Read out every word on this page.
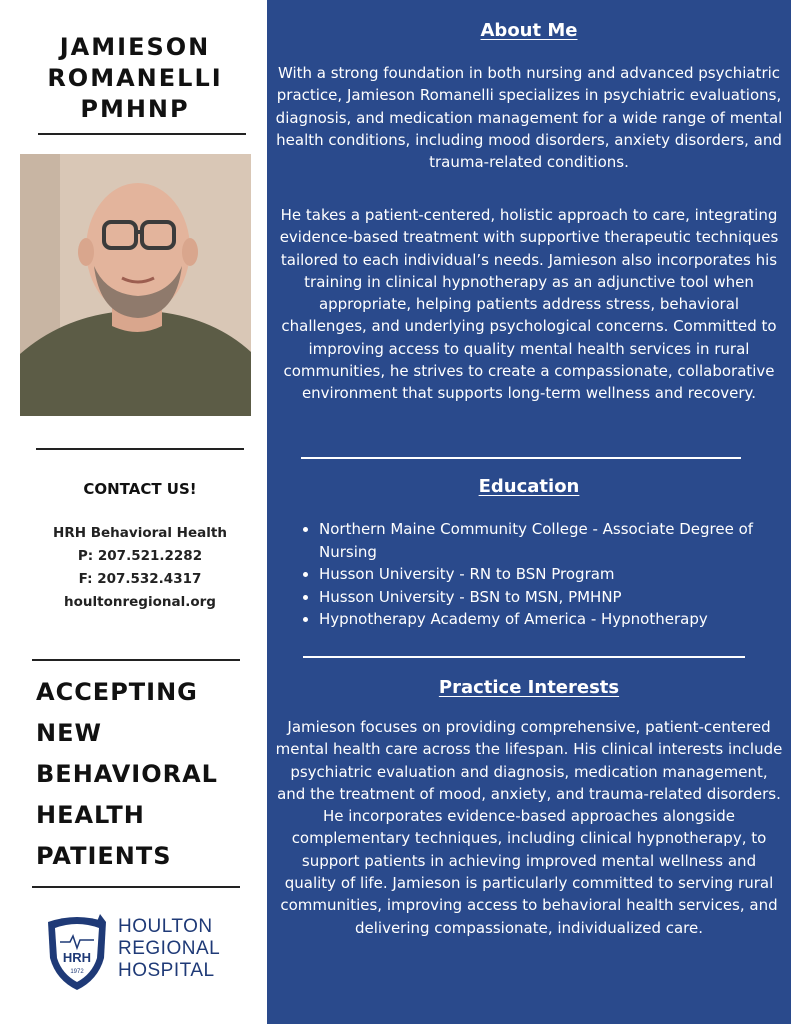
JAMIESON
ROMANELLI
PMHNP
CONTACT US!
HRH Behavioral Health
P: 207.521.2282
F: 207.532.4317
houltonregional.org
ACCEPTING
NEW
BEHAVIORAL
HEALTH
PATIENTS
HRH
1972
HOULTON
REGIONAL
HOSPITAL
About Me

With a strong foundation in both nursing and advanced psychiatric practice, Jamieson Romanelli specializes in psychiatric evaluations, diagnosis, and medication management for a wide range of mental health conditions, including mood disorders, anxiety disorders, and trauma-related conditions.

He takes a patient-centered, holistic approach to care, integrating evidence-based treatment with supportive therapeutic techniques tailored to each individual’s needs. Jamieson also incorporates his training in clinical hypnotherapy as an adjunctive tool when appropriate, helping patients address stress, behavioral challenges, and underlying psychological concerns. Committed to improving access to quality mental health services in rural communities, he strives to create a compassionate, collaborative environment that supports long-term wellness and recovery.

Education
• Northern Maine Community College - Associate Degree of Nursing
• Husson University - RN to BSN Program
• Husson University - BSN to MSN, PMHNP
• Hypnotherapy Academy of America - Hypnotherapy
Practice Interests

Jamieson focuses on providing comprehensive, patient-centered mental health care across the lifespan. His clinical interests include psychiatric evaluation and diagnosis, medication management, and the treatment of mood, anxiety, and trauma-related disorders. He incorporates evidence-based approaches alongside complementary techniques, including clinical hypnotherapy, to support patients in achieving improved mental wellness and quality of life. Jamieson is particularly committed to serving rural communities, improving access to behavioral health services, and delivering compassionate, individualized care.
